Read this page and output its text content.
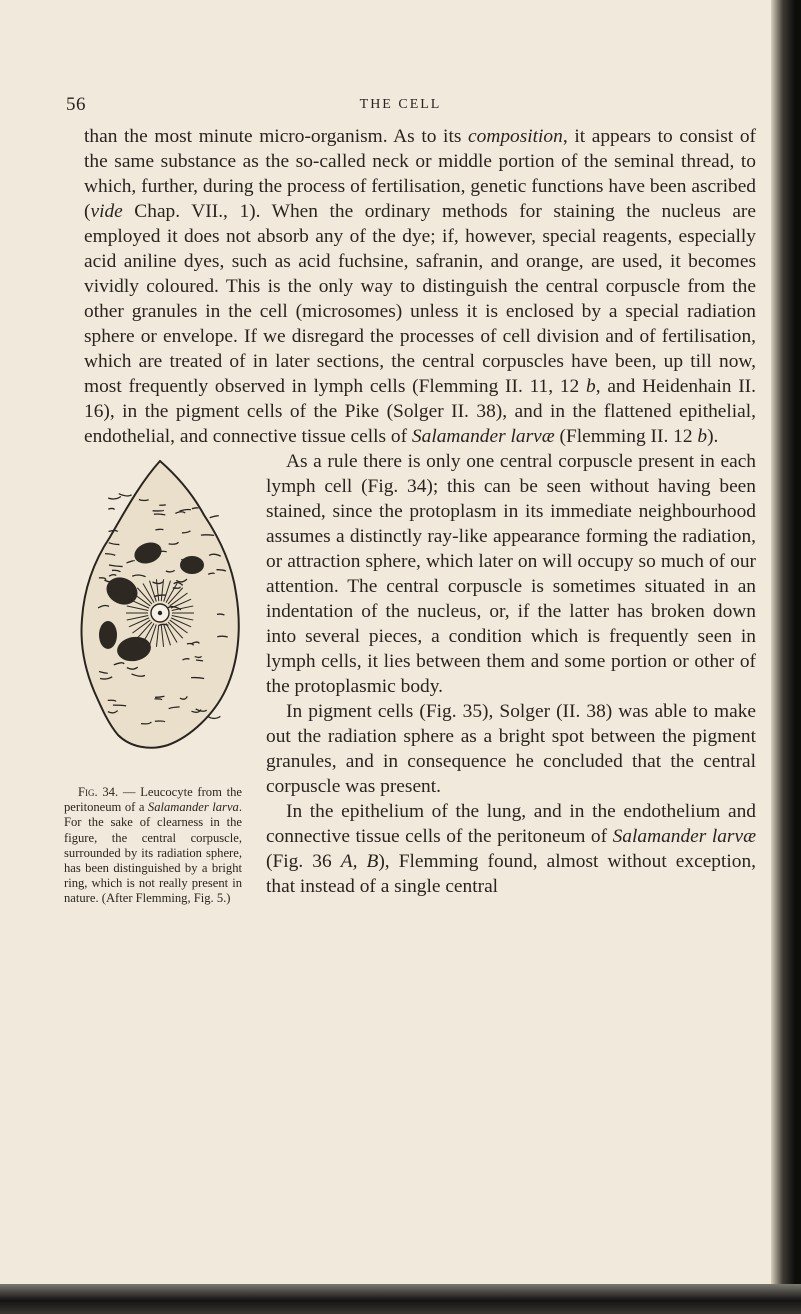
56	THE CELL

than the most minute micro-organism. As to its composition, it appears to consist of the same substance as the so-called neck or middle portion of the seminal thread, to which, further, during the process of fertilisation, genetic functions have been ascribed (vide Chap. VII., 1). When the ordinary methods for staining the nucleus are employed it does not absorb any of the dye; if, however, special reagents, especially acid aniline dyes, such as acid fuchsine, safranin, and orange, are used, it becomes vividly coloured. This is the only way to distinguish the central corpuscle from the other granules in the cell (microsomes) unless it is enclosed by a special radiation sphere or envelope. If we disregard the processes of cell division and of fertilisation, which are treated of in later sections, the central corpuscles have been, up till now, most frequently observed in lymph cells (Flemming II. 11, 12 b, and Heidenhain II. 16), in the pigment cells of the Pike (Solger II. 38), and in the flattened epithelial, endothelial, and connective tissue cells of Salamander larvæ (Flemming II. 12 b).

Fig. 34. — Leucocyte from the peritoneum of a Salamander larva. For the sake of clearness in the figure, the central corpuscle, surrounded by its radiation sphere, has been distinguished by a bright ring, which is not really present in nature. (After Flemming, Fig. 5.)

As a rule there is only one central corpuscle present in each lymph cell (Fig. 34); this can be seen without having been stained, since the protoplasm in its immediate neighbourhood assumes a distinctly ray-like appearance forming the radiation, or attraction sphere, which later on will occupy so much of our attention. The central corpuscle is sometimes situated in an indentation of the nucleus, or, if the latter has broken down into several pieces, a condition which is frequently seen in lymph cells, it lies between them and some portion or other of the protoplasmic body.

In pigment cells (Fig. 35), Solger (II. 38) was able to make out the radiation sphere as a bright spot between the pigment granules, and in consequence he concluded that the central corpuscle was present.

In the epithelium of the lung, and in the endothelium and connective tissue cells of the peritoneum of Salamander larvæ (Fig. 36 A, B), Flemming found, almost without exception, that instead of a single central
